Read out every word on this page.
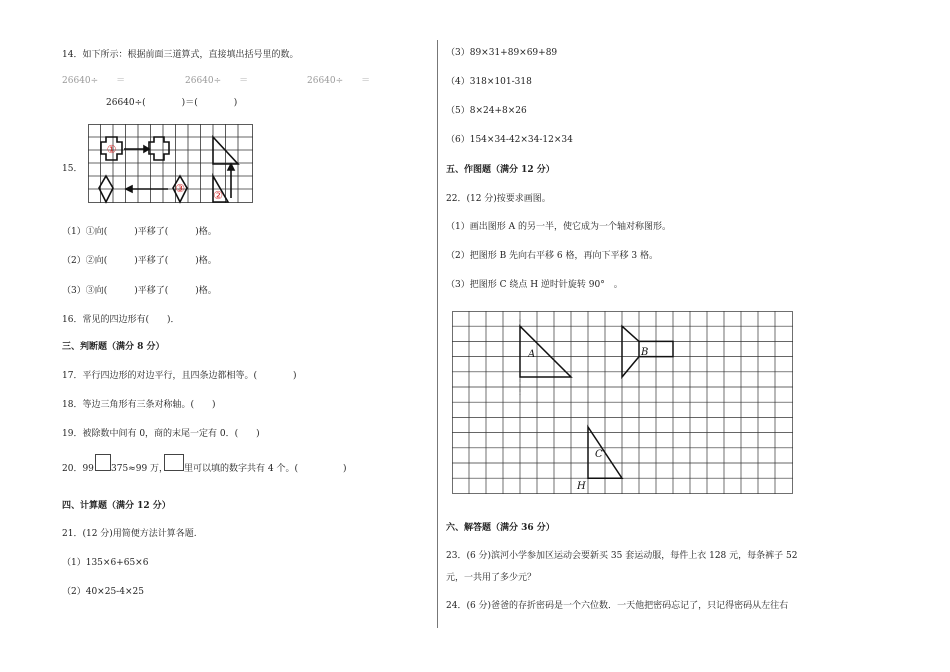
14．如下所示：根据前面三道算式，直接填出括号里的数。
26640÷　　＝	26640÷　　＝	26640÷　　＝
26640÷(　　　　)＝(　　　　)
15．
①
②
③
（1）①向(　　　)平移了(　　　)格。
（2）②向(　　　)平移了(　　　)格。
（3）③向(　　　)平移了(　　　)格。
16．常见的四边形有(　　)．
三、判断题（满分 8 分）
17．平行四边形的对边平行，且四条边都相等。(　　　　)
18．等边三角形有三条对称轴。(　　)
19．被除数中间有 0，商的末尾一定有 0．(　　)
20．99 375≈99 万， 里可以填的数字共有 4 个。(　　　　　)
四、计算题（满分 12 分）
21．(12 分)用简便方法计算各题.
（1）135×6+65×6
（2）40×25-4×25
（3）89×31+89×69+89
（4）318×101-318
（5）8×24+8×26
（6）154×34-42×34-12×34
五、作图题（满分 12 分）
22．(12 分)按要求画图。
（1）画出图形 A 的另一半，使它成为一个轴对称图形。
（2）把图形 B 先向右平移 6 格，再向下平移 3 格。
（3）把图形 C 绕点 H 逆时针旋转 90°　。
A	B
C
H
六、解答题（满分 36 分）
23．(6 分)滨河小学参加区运动会要新买 35 套运动服，每件上衣 128 元，每条裤子 52
元，一共用了多少元？
24．(6 分)爸爸的存折密码是一个六位数．一天他把密码忘记了，只记得密码从左往右
